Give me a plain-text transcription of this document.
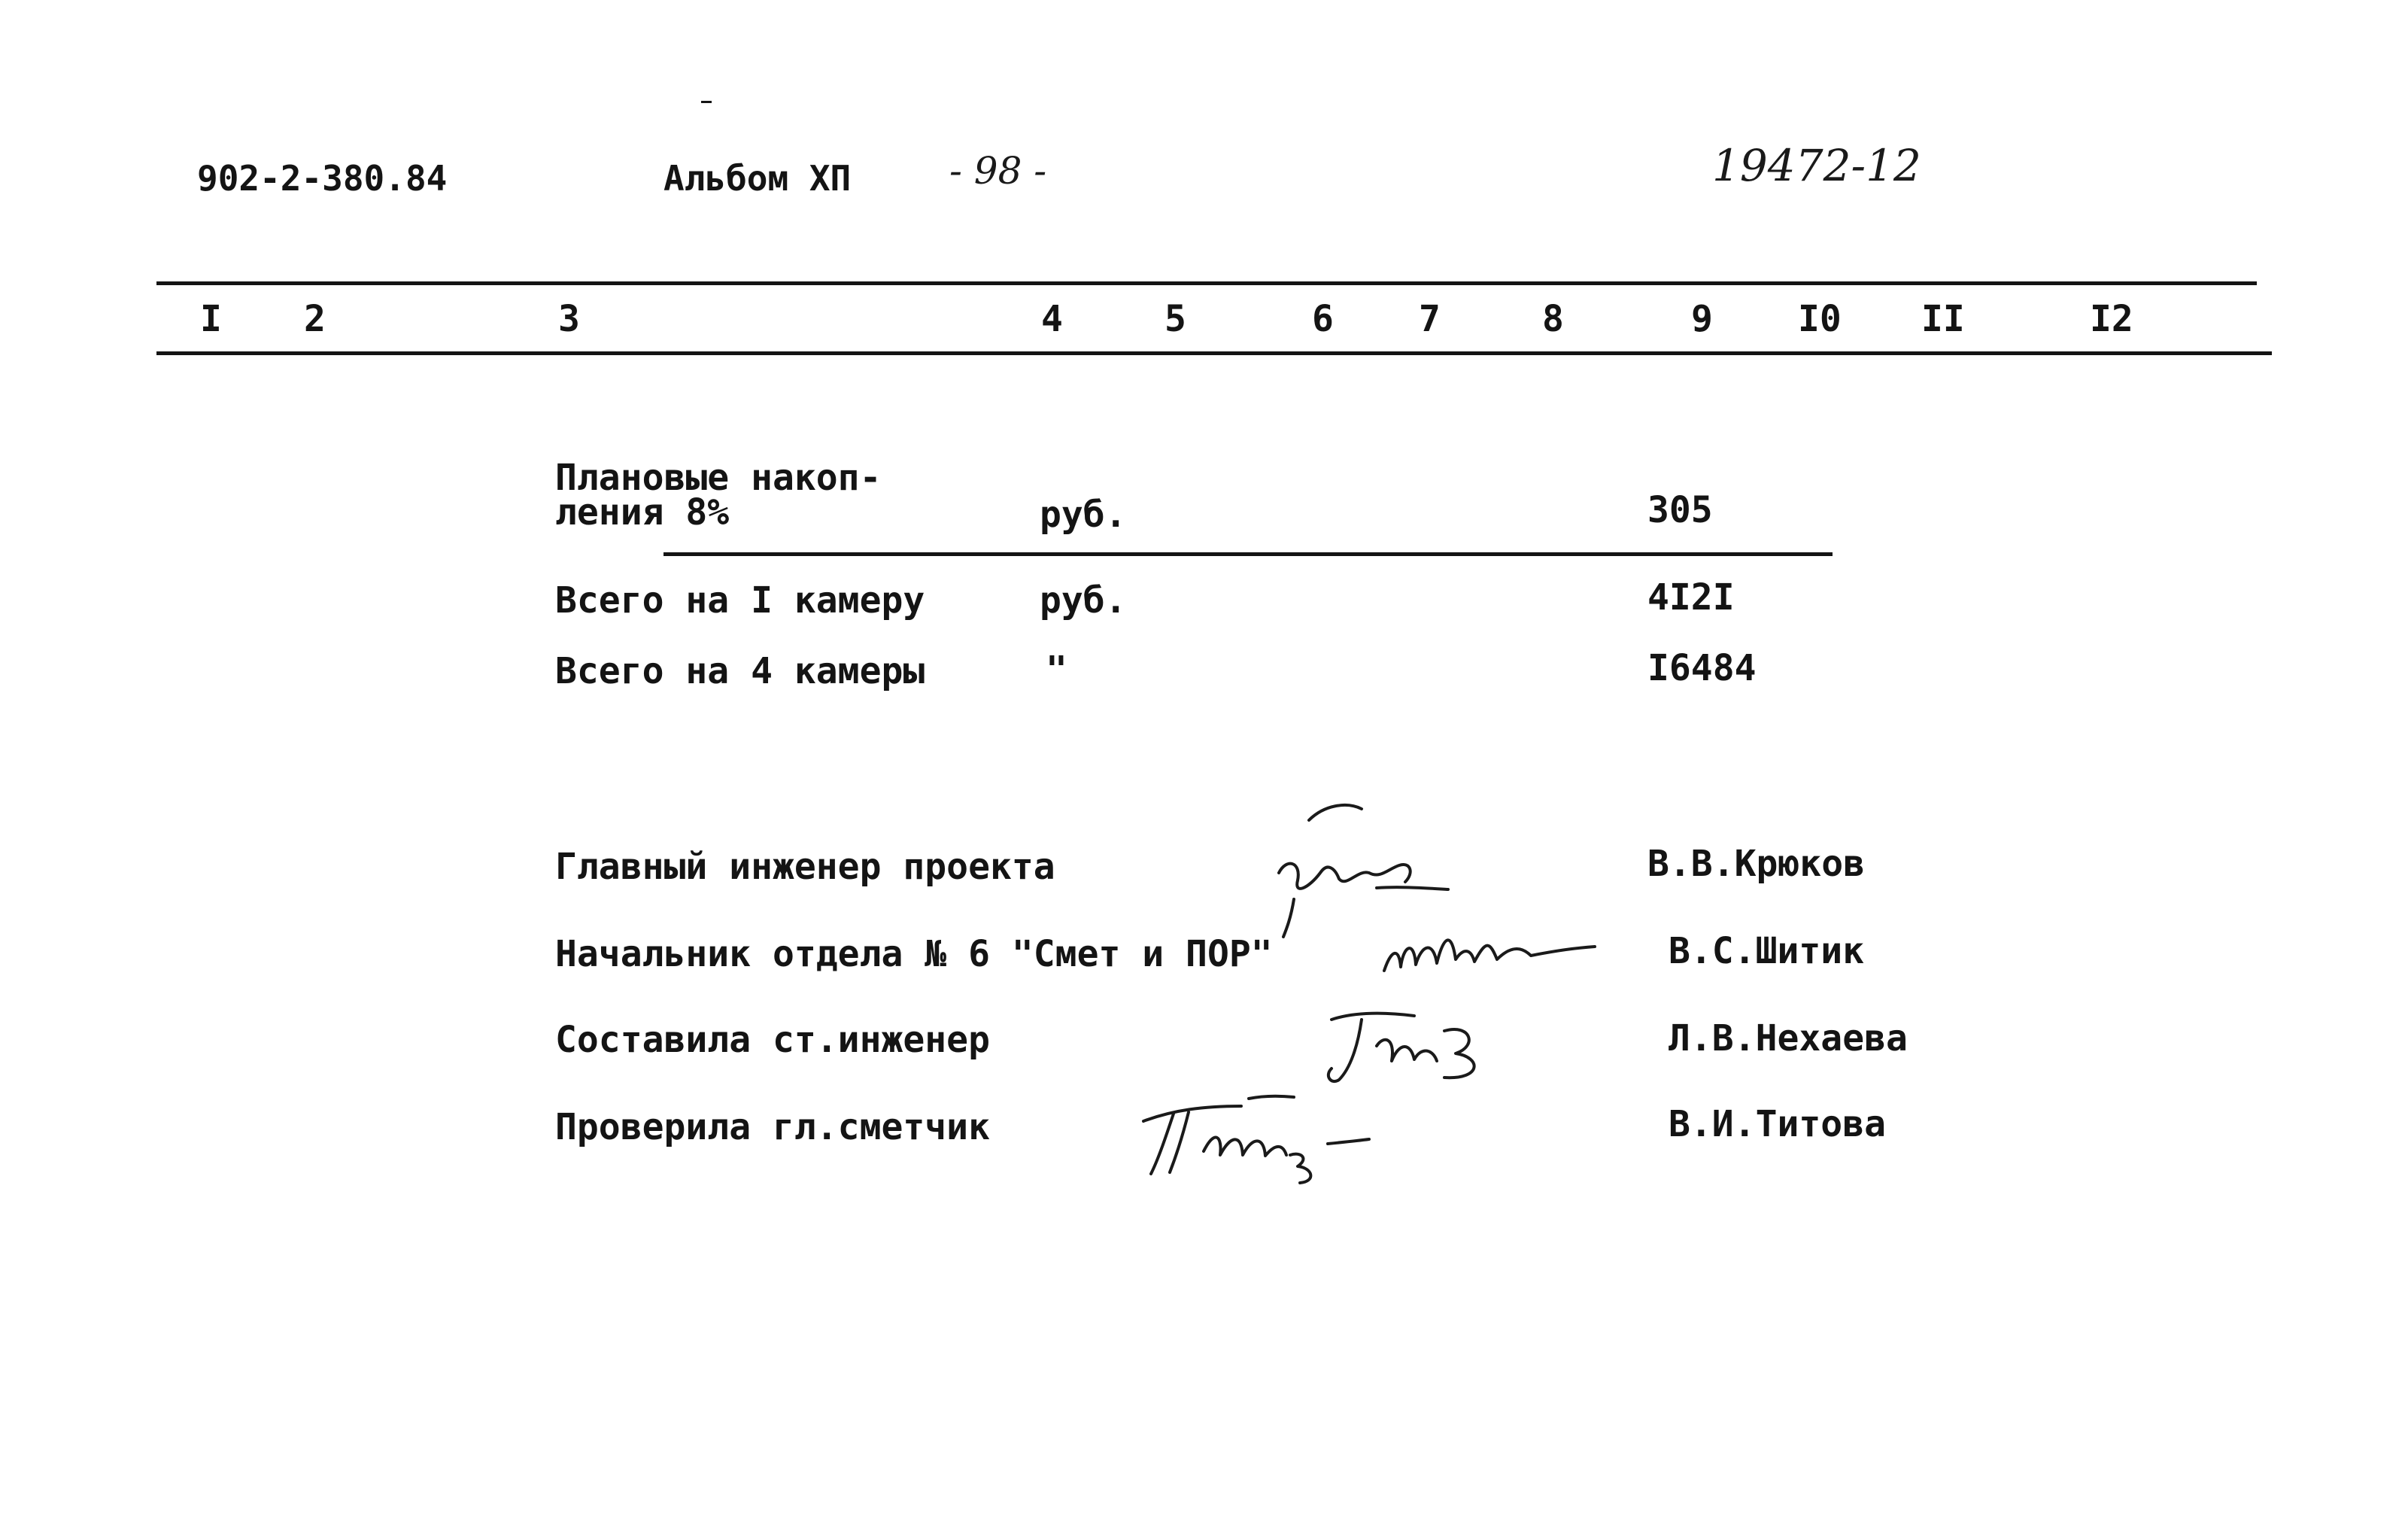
902-2-380.84	Альбом ХП	- 98 -	19472-12
I 2	3	4	5	6 7	8	9 I0 II	I2
Плановые накоп-
ления 8%	руб.	305
Всего на I камеру	руб.	4I2I
Всего на 4 камеры	"	I6484
Главный инженер проекта	В.В.Крюков
Начальник отдела № 6 "Смет и ПОР"	В.С.Шитик
Составила ст.инженер	Л.В.Нехаева
Проверила гл.сметчик	В.И.Титова
